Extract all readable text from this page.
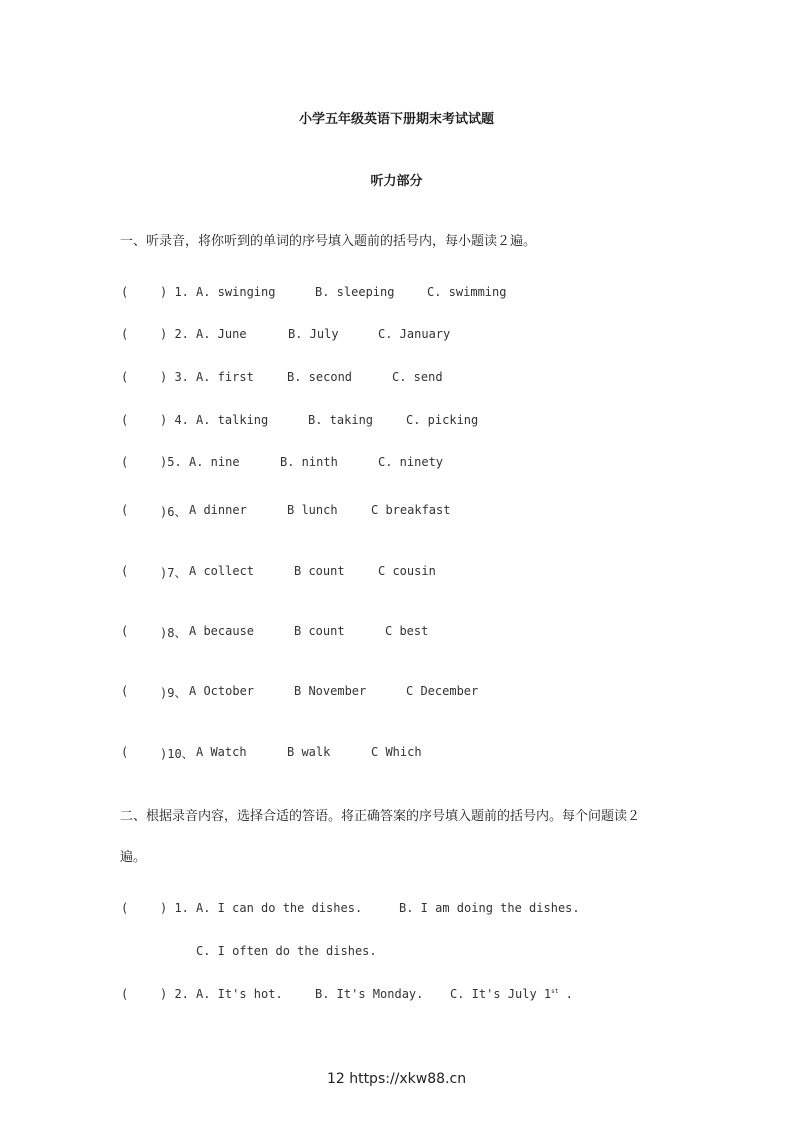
小学五年级英语下册期末考试试题
听力部分
一、听录音，将你听到的单词的序号填入题前的括号内，每小题读２遍。
(	) 1. A. swinging	B. sleeping	C. swimming
(	) 2. A. June	B. July	C. January
(	) 3. A. first	B. second	C. send
(	) 4. A. talking	B. taking	C. picking
(	)5. A. nine	B. ninth	C. ninety
(	)6、 A dinner	B lunch	C breakfast
(	)7、 A collect	B count	C cousin
(	)8、 A because	B count	C best
(	)9、 A October	B November	C December
(	)10、 A Watch	B walk	C Which
二、根据录音内容，选择合适的答语。将正确答案的序号填入题前的括号内。每个问题读２
遍。
(	) 1. A. I can do the dishes.	B. I am doing the dishes.
C. I often do the dishes.
(	) 2. A. It's hot.	B. It's Monday. C. It's July 1st .
12 https://xkw88.cn
